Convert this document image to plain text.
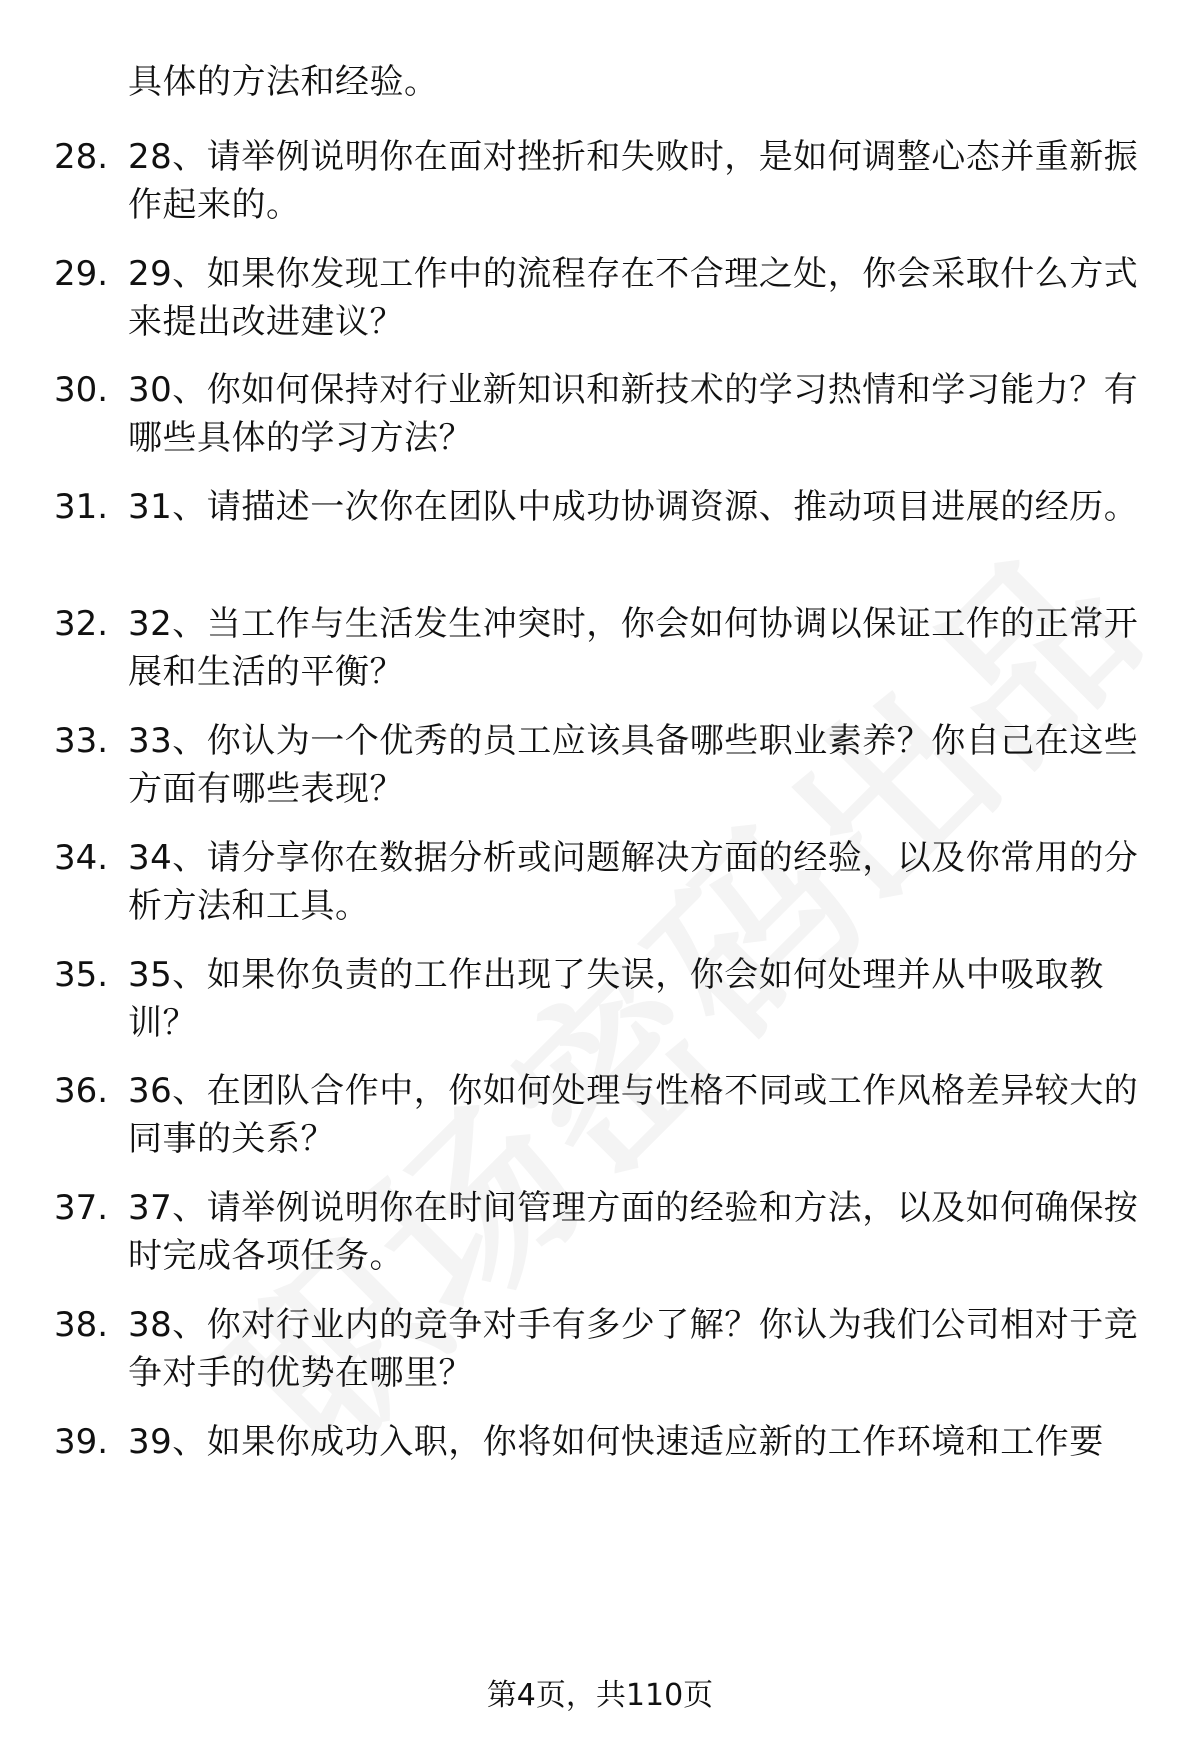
具体的方法和经验。
28. 28、请举例说明你在面对挫折和失败时，是如何调整心态并重新振作起来的。
29. 29、如果你发现工作中的流程存在不合理之处，你会采取什么方式来提出改进建议？
30. 30、你如何保持对行业新知识和新技术的学习热情和学习能力？有哪些具体的学习方法？
31. 31、请描述一次你在团队中成功协调资源、推动项目进展的经历。
32. 32、当工作与生活发生冲突时，你会如何协调以保证工作的正常开展和生活的平衡？
33. 33、你认为一个优秀的员工应该具备哪些职业素养？你自己在这些方面有哪些表现？
34. 34、请分享你在数据分析或问题解决方面的经验，以及你常用的分析方法和工具。
35. 35、如果你负责的工作出现了失误，你会如何处理并从中吸取教训？
36. 36、在团队合作中，你如何处理与性格不同或工作风格差异较大的同事的关系？
37. 37、请举例说明你在时间管理方面的经验和方法，以及如何确保按时完成各项任务。
38. 38、你对行业内的竞争对手有多少了解？你认为我们公司相对于竞争对手的优势在哪里？
39. 39、如果你成功入职，你将如何快速适应新的工作环境和工作要
第4页，共110页
